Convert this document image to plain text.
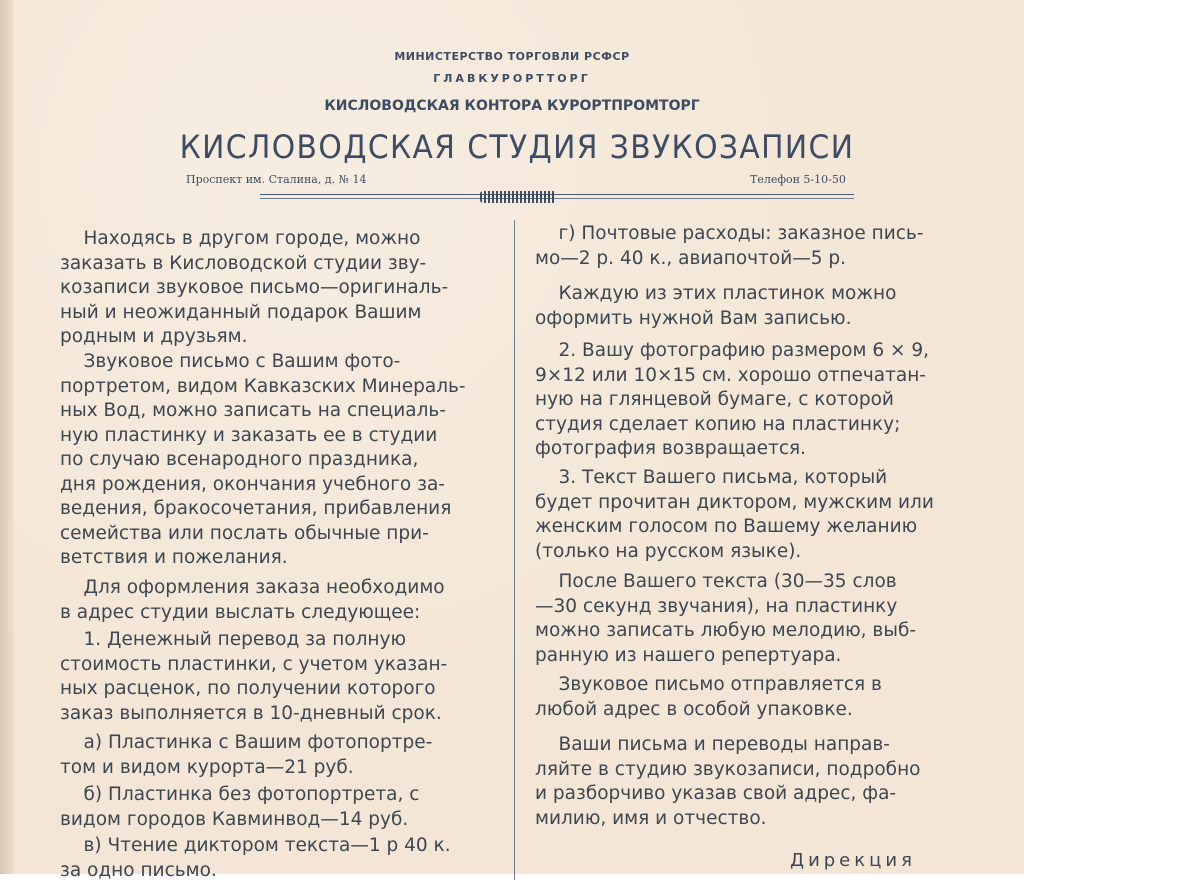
МИНИСТЕРСТВО ТОРГОВЛИ РСФСР
ГЛАВКУРОРТТОРГ
КИСЛОВОДСКАЯ КОНТОРА КУРОРТПРОМТОРГ
КИСЛОВОДСКАЯ СТУДИЯ ЗВУКОЗАПИСИ
Проспект им. Сталина, д. № 14	Телефон 5-10-50

Находясь в другом городе, можно
заказать в Кисловодской студии зву-
козаписи звуковое письмо—оригиналь-
ный и неожиданный подарок Вашим
родным и друзьям.

Звуковое письмо с Вашим фото-
портретом, видом Кавказских Минераль-
ных Вод, можно записать на специаль-
ную пластинку и заказать ее в студии
по случаю всенародного праздника,
дня рождения, окончания учебного за-
ведения, бракосочетания, прибавления
семейства или послать обычные при-
ветствия и пожелания.

Для оформления заказа необходимо
в адрес студии выслать следующее:

1. Денежный перевод за полную
стоимость пластинки, с учетом указан-
ных расценок, по получении которого
заказ выполняется в 10-дневный срок.

а) Пластинка с Вашим фотопортре-
том и видом курорта—21 руб.

б) Пластинка без фотопортрета, с
видом городов Кавминвод—14 руб.

в) Чтение диктором текста—1 р 40 к.
за одно письмо.

г) Почтовые расходы: заказное пись-
мо—2 р. 40 к., авиапочтой—5 р.

Каждую из этих пластинок можно
оформить нужной Вам записью.

2. Вашу фотографию размером 6 × 9,
9×12 или 10×15 см. хорошо отпечатан-
ную на глянцевой бумаге, с которой
студия сделает копию на пластинку;
фотография возвращается.

3. Текст Вашего письма, который
будет прочитан диктором, мужским или
женским голосом по Вашему желанию
(только на русском языке).

После Вашего текста (30—35 слов
—30 секунд звучания), на пластинку
можно записать любую мелодию, выб-
ранную из нашего репертуара.

Звуковое письмо отправляется в
любой адрес в особой упаковке.

Ваши письма и переводы направ-
ляйте в студию звукозаписи, подробно
и разборчиво указав свой адрес, фа-
милию, имя и отчество.

Дирекция
